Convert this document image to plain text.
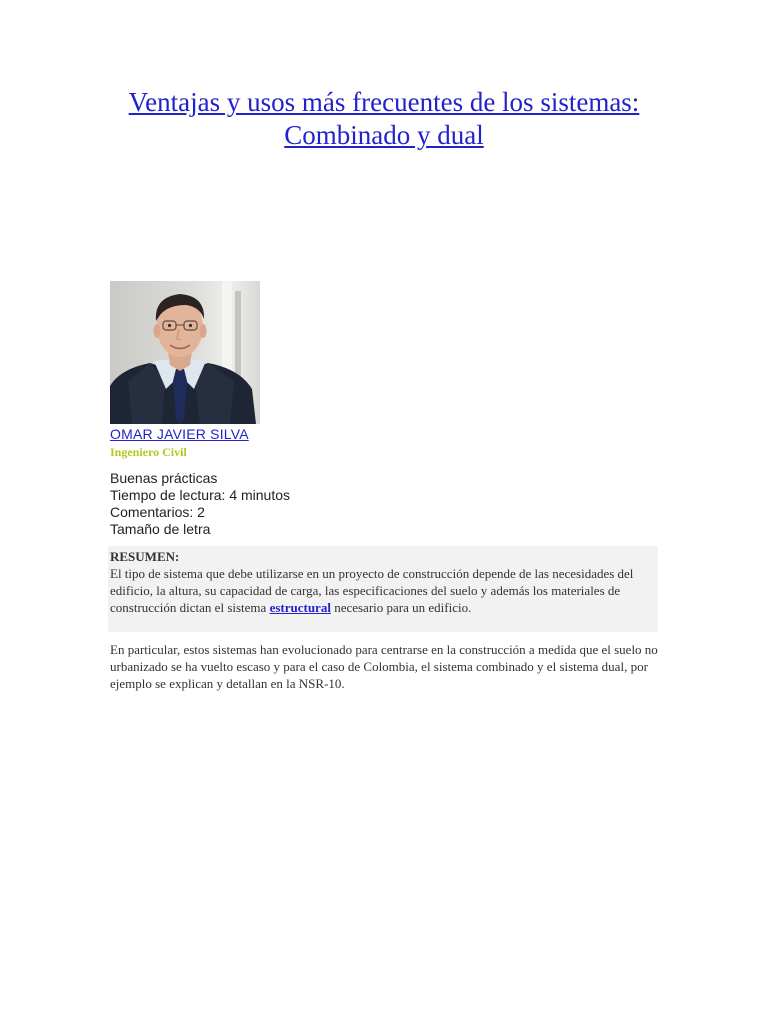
Ventajas y usos más frecuentes de los sistemas: Combinado y dual
OMAR JAVIER SILVA
Ingeniero Civil
Buenas prácticas
Tiempo de lectura: 4 minutos
Comentarios: 2
Tamaño de letra
RESUMEN:
El tipo de sistema que debe utilizarse en un proyecto de construcción depende de las necesidades del edificio, la altura, su capacidad de carga, las especificaciones del suelo y además los materiales de construcción dictan el sistema estructural necesario para un edificio.

En particular, estos sistemas han evolucionado para centrarse en la construcción a medida que el suelo no urbanizado se ha vuelto escaso y para el caso de Colombia, el sistema combinado y el sistema dual, por ejemplo se explican y detallan en la NSR-10.
